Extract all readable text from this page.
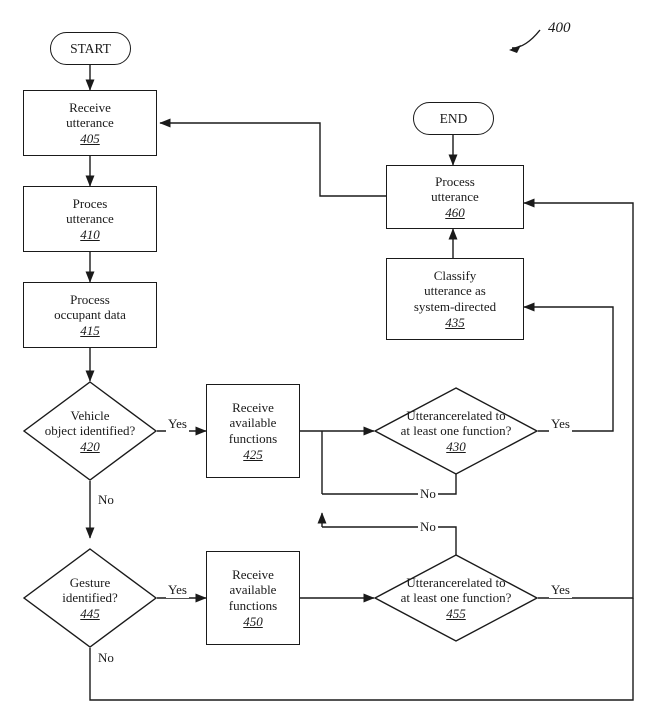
400
START
END
Receive
utterance
405
Proces
utterance
410
Process
occupant data
415
Vehicle
object identified?
420
Receive
available
functions
425
Utterancerelated to
at least one function?
430
Classify
utterance as
system-directed
435
Process
utterance
460
Gesture
identified?
445
Receive
available
functions
450
Utterancerelated to
at least one function?
455
Yes
No
Yes
No
Yes
No
Yes
No
